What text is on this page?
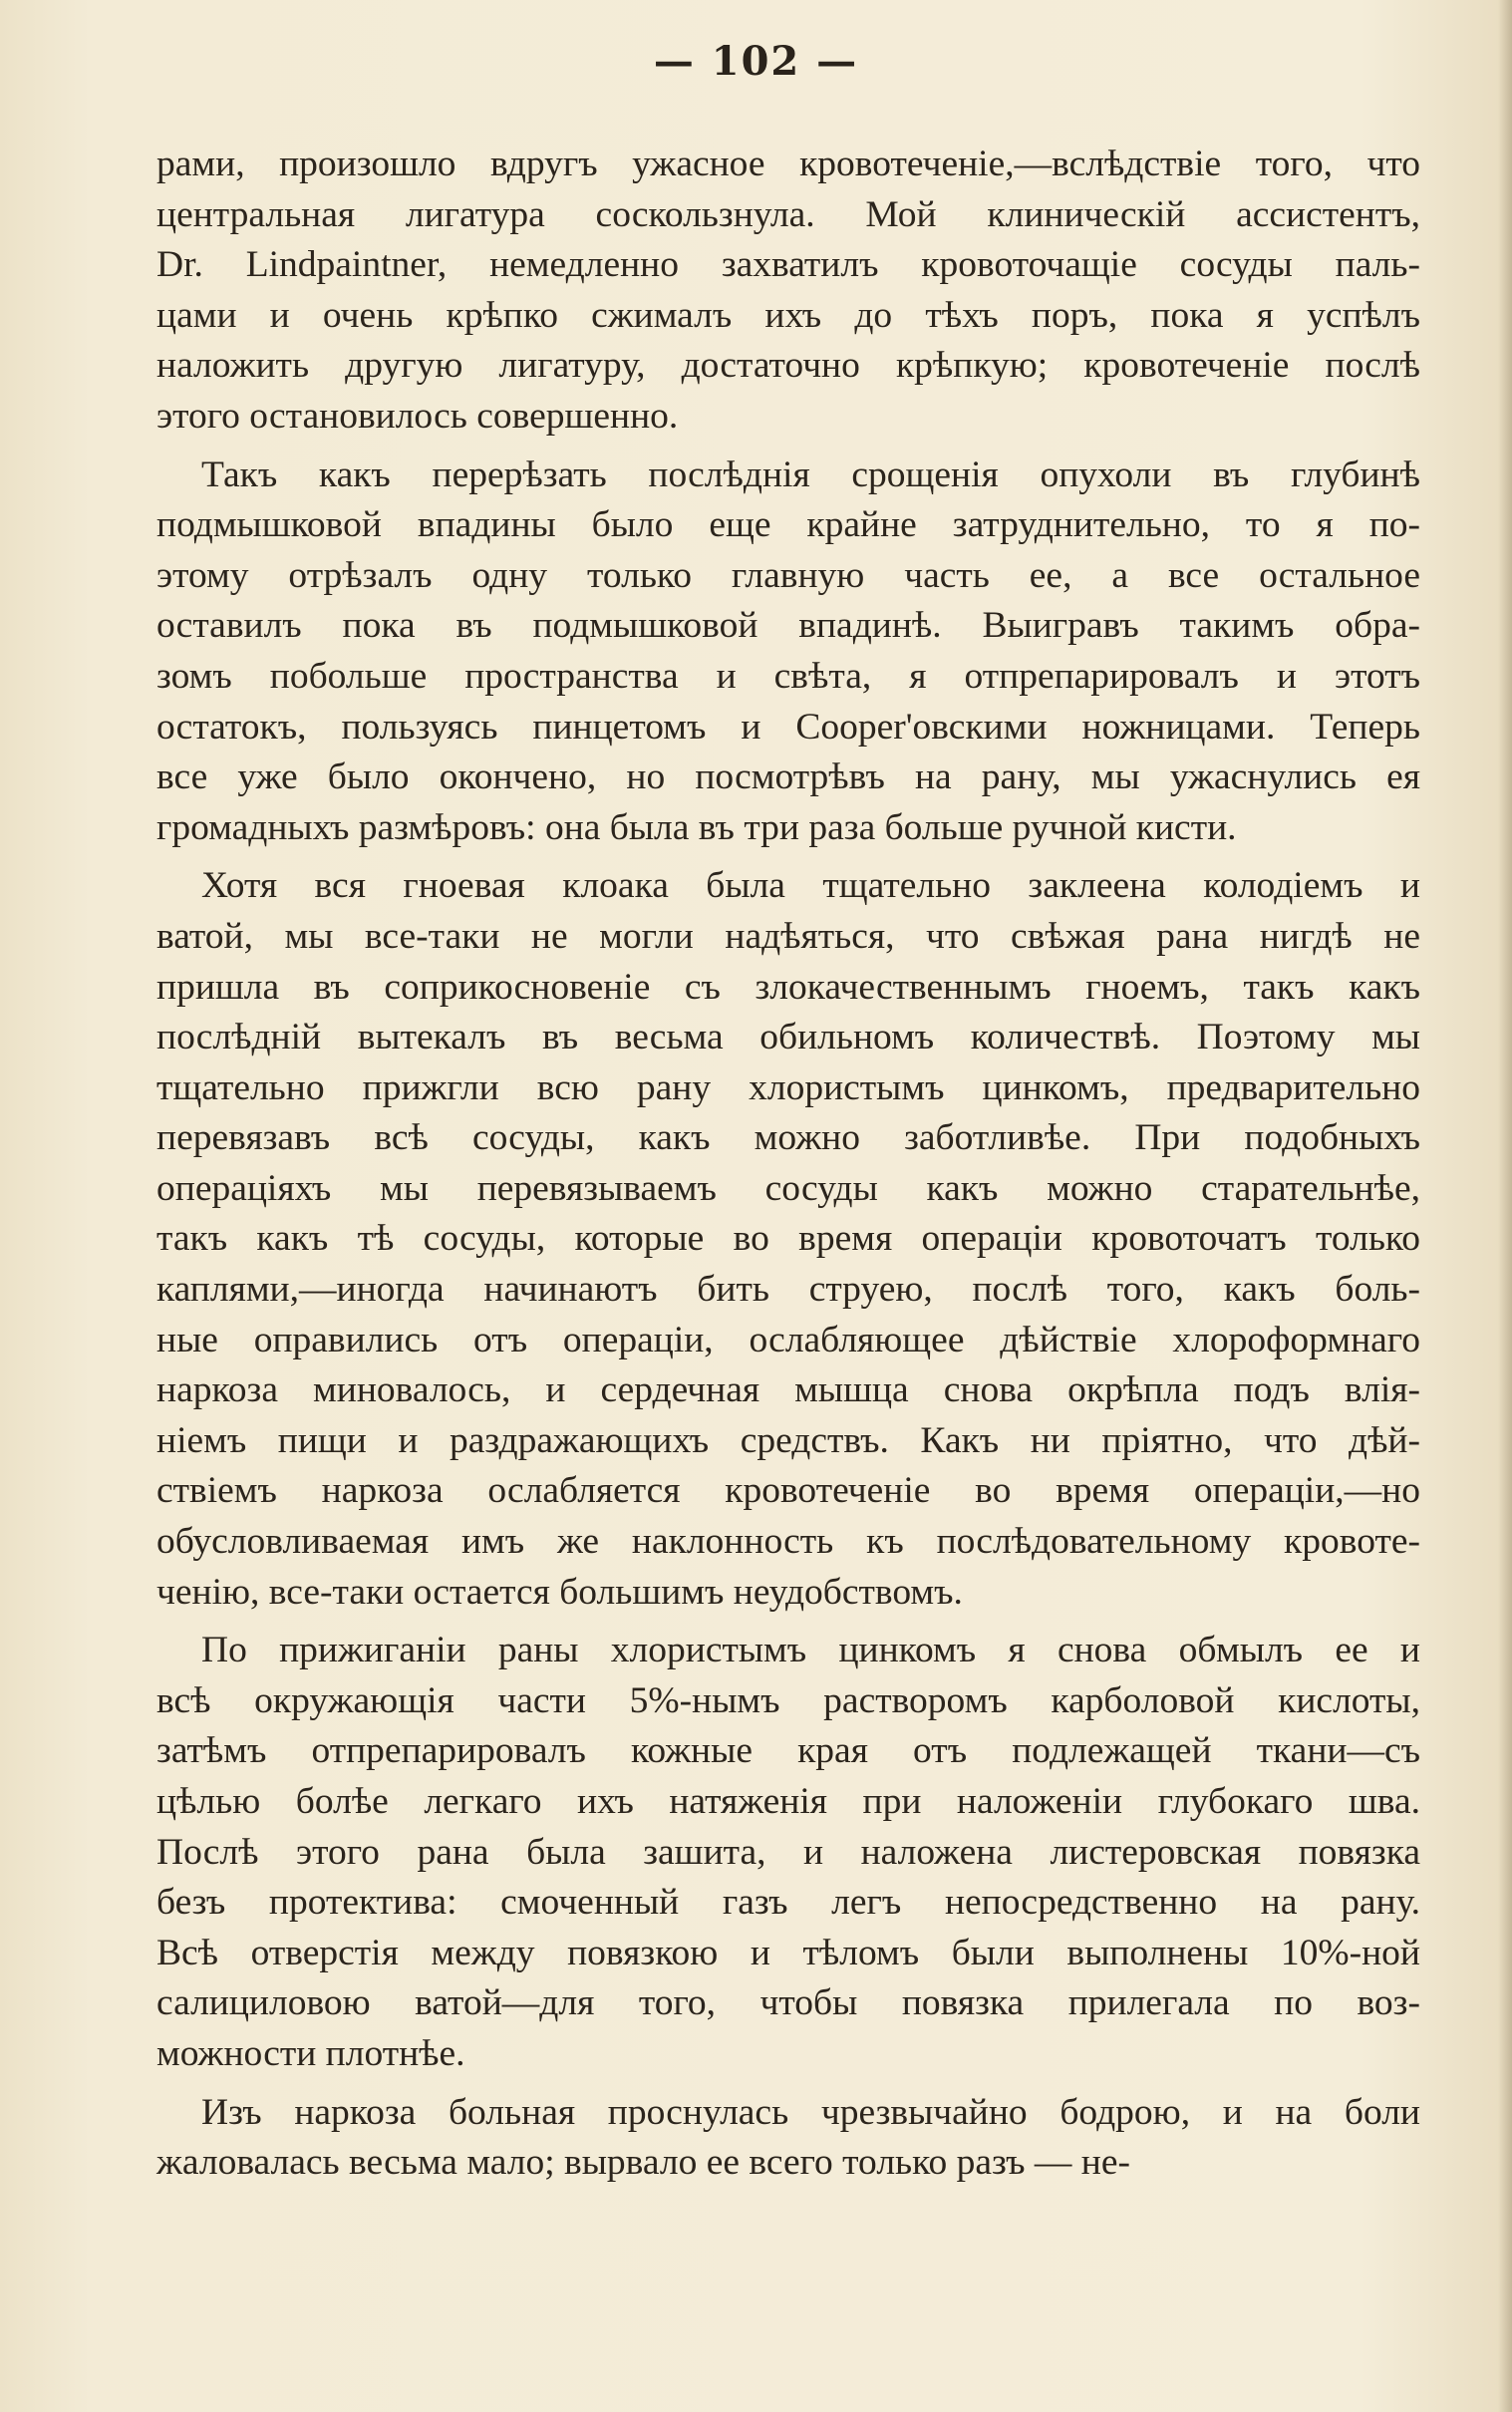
— 102 —
рами, произошло вдругъ ужасное кровотеченіе,—вслѣдствіе того, что
центральная лигатура соскользнула. Мой клиническій ассистентъ,
Dr. Lindpaintner, немедленно захватилъ кровоточащіе сосуды паль-
цами и очень крѣпко сжималъ ихъ до тѣхъ поръ, пока я успѣлъ
наложить другую лигатуру, достаточно крѣпкую; кровотеченіе послѣ
этого остановилось совершенно.
Такъ какъ перерѣзать послѣднія срощенія опухоли въ глубинѣ
подмышковой впадины было еще крайне затруднительно, то я по-
этому отрѣзалъ одну только главную часть ее, а все остальное
оставилъ пока въ подмышковой впадинѣ. Выигравъ такимъ обра-
зомъ побольше пространства и свѣта, я отпрепарировалъ и этотъ
остатокъ, пользуясь пинцетомъ и Cooper'овскими ножницами. Теперь
все уже было окончено, но посмотрѣвъ на рану, мы ужаснулись ея
громадныхъ размѣровъ: она была въ три раза больше ручной кисти.
Хотя вся гноевая клоака была тщательно заклеена колодіемъ и
ватой, мы все-таки не могли надѣяться, что свѣжая рана нигдѣ не
пришла въ соприкосновеніе съ злокачественнымъ гноемъ, такъ какъ
послѣдній вытекалъ въ весьма обильномъ количествѣ. Поэтому мы
тщательно прижгли всю рану хлористымъ цинкомъ, предварительно
перевязавъ всѣ сосуды, какъ можно заботливѣе. При подобныхъ
операціяхъ мы перевязываемъ сосуды какъ можно старательнѣе,
такъ какъ тѣ сосуды, которые во время операціи кровоточатъ только
каплями,—иногда начинаютъ бить струею, послѣ того, какъ боль-
ные оправились отъ операціи, ослабляющее дѣйствіе хлороформнаго
наркоза миновалось, и сердечная мышца снова окрѣпла подъ влія-
ніемъ пищи и раздражающихъ средствъ. Какъ ни пріятно, что дѣй-
ствіемъ наркоза ослабляется кровотеченіе во время операціи,—но
обусловливаемая имъ же наклонность къ послѣдовательному кровоте-
ченію, все-таки остается большимъ неудобствомъ.
По прижиганіи раны хлористымъ цинкомъ я снова обмылъ ее и
всѣ окружающія части 5%-нымъ растворомъ карболовой кислоты,
затѣмъ отпрепарировалъ кожные края отъ подлежащей ткани—съ
цѣлью болѣе легкаго ихъ натяженія при наложеніи глубокаго шва.
Послѣ этого рана была зашита, и наложена листеровская повязка
безъ протектива: смоченный газъ легъ непосредственно на рану.
Всѣ отверстія между повязкою и тѣломъ были выполнены 10%-ной
салициловою ватой—для того, чтобы повязка прилегала по воз-
можности плотнѣе.
Изъ наркоза больная проснулась чрезвычайно бодрою, и на боли
жаловалась весьма мало; вырвало ее всего только разъ — не-
